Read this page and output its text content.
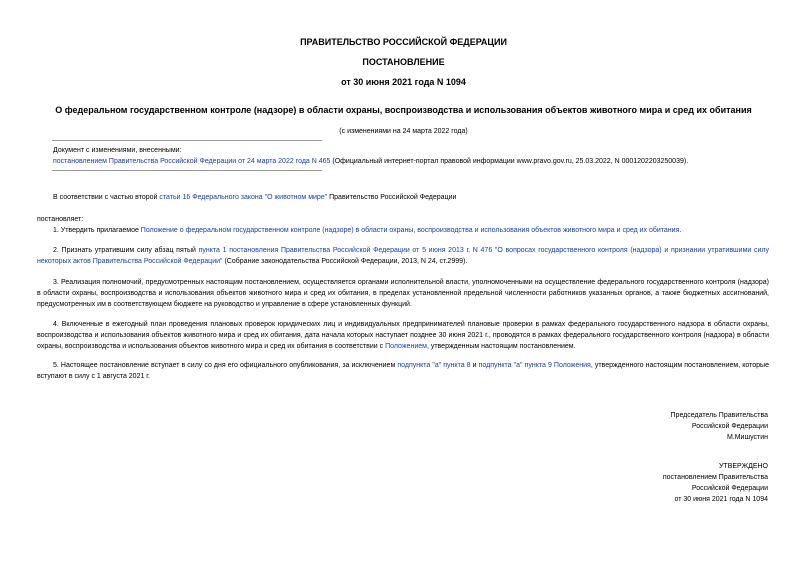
ПРАВИТЕЛЬСТВО РОССИЙСКОЙ ФЕДЕРАЦИИ
ПОСТАНОВЛЕНИЕ
от 30 июня 2021 года N 1094
О федеральном государственном контроле (надзоре) в области охраны, воспроизводства и использования объектов животного мира и сред их обитания
(с изменениями на 24 марта 2022 года)
Документ с изменениями, внесенными:
постановлением Правительства Российской Федерации от 24 марта 2022 года N 465 (Официальный интернет-портал правовой информации www.pravo.gov.ru, 25.03.2022, N 0001202203250039).
В соответствии с частью второй статьи 16 Федерального закона "О животном мире" Правительство Российской Федерации
постановляет:
1. Утвердить прилагаемое Положение о федеральном государственном контроле (надзоре) в области охраны, воспроизводства и использования объектов животного мира и сред их обитания.
2. Признать утратившим силу абзац пятый пункта 1 постановления Правительства Российской Федерации от 5 июня 2013 г. N 476 "О вопросах государственного контроля (надзора) и признании утратившими силу некоторых актов Правительства Российской Федерации" (Собрание законодательства Российской Федерации, 2013, N 24, ст.2999).
3. Реализация полномочий, предусмотренных настоящим постановлением, осуществляется органами исполнительной власти, уполномоченными на осуществление федерального государственного контроля (надзора) в области охраны, воспроизводства и использования объектов животного мира и сред их обитания, в пределах установленной предельной численности работников указанных органов, а также бюджетных ассигнований, предусмотренных им в соответствующем бюджете на руководство и управление в сфере установленных функций.
4. Включенные в ежегодный план проведения плановых проверок юридических лиц и индивидуальных предпринимателей плановые проверки в рамках федерального государственного надзора в области охраны, воспроизводства и использования объектов животного мира и сред их обитания, дата начала которых наступает позднее 30 июня 2021 г., проводятся в рамках федерального государственного контроля (надзора) в области охраны, воспроизводства и использования объектов животного мира и сред их обитания в соответствии с Положением, утвержденным настоящим постановлением.
5. Настоящее постановление вступает в силу со дня его официального опубликования, за исключением подпункта "а" пункта 8 и подпункта "а" пункта 9 Положения, утвержденного настоящим постановлением, которые вступают в силу с 1 августа 2021 г.
Председатель Правительства
Российской Федерации
М.Мишустин
УТВЕРЖДЕНО
постановлением Правительства
Российской Федерации
от 30 июня 2021 года N 1094
